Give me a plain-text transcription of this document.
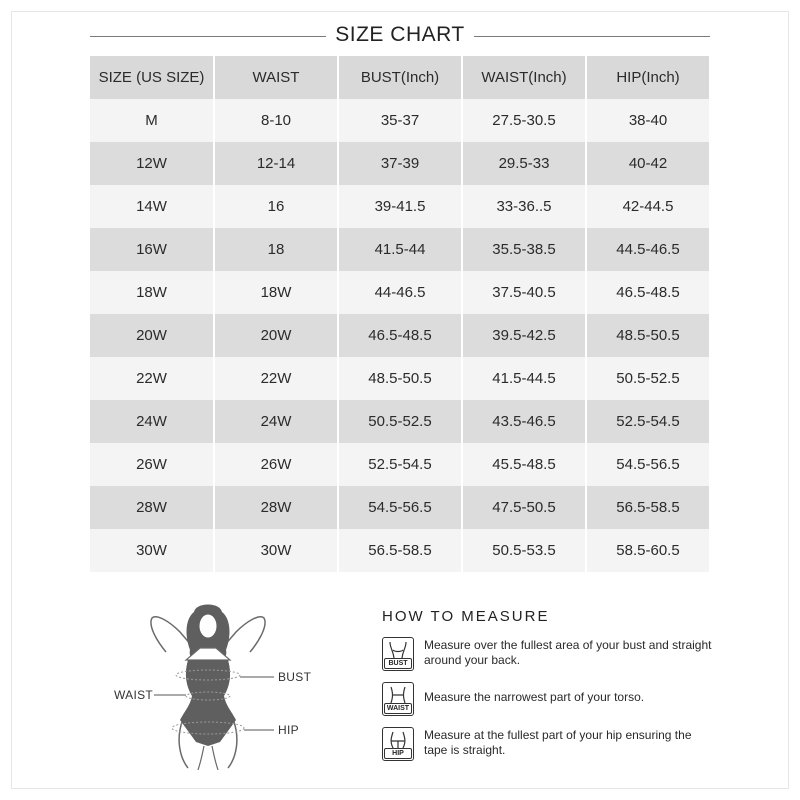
SIZE CHART
SIZE (US SIZE)	WAIST	BUST(Inch)	WAIST(Inch)	HIP(Inch)
M	8-10	35-37	27.5-30.5	38-40
12W	12-14	37-39	29.5-33	40-42
14W	16	39-41.5	33-36..5	42-44.5
16W	18	41.5-44	35.5-38.5	44.5-46.5
18W	18W	44-46.5	37.5-40.5	46.5-48.5
20W	20W	46.5-48.5	39.5-42.5	48.5-50.5
22W	22W	48.5-50.5	41.5-44.5	50.5-52.5
24W	24W	50.5-52.5	43.5-46.5	52.5-54.5
26W	26W	52.5-54.5	45.5-48.5	54.5-56.5
28W	28W	54.5-56.5	47.5-50.5	56.5-58.5
30W	30W	56.5-58.5	50.5-53.5	58.5-60.5
BUST
WAIST
HIP
HOW TO MEASURE
BUST
Measure over the fullest area of your bust and straight around your back.
WAIST
Measure the narrowest part of your torso.
HIP
Measure at the fullest part of your hip ensuring the tape is straight.
